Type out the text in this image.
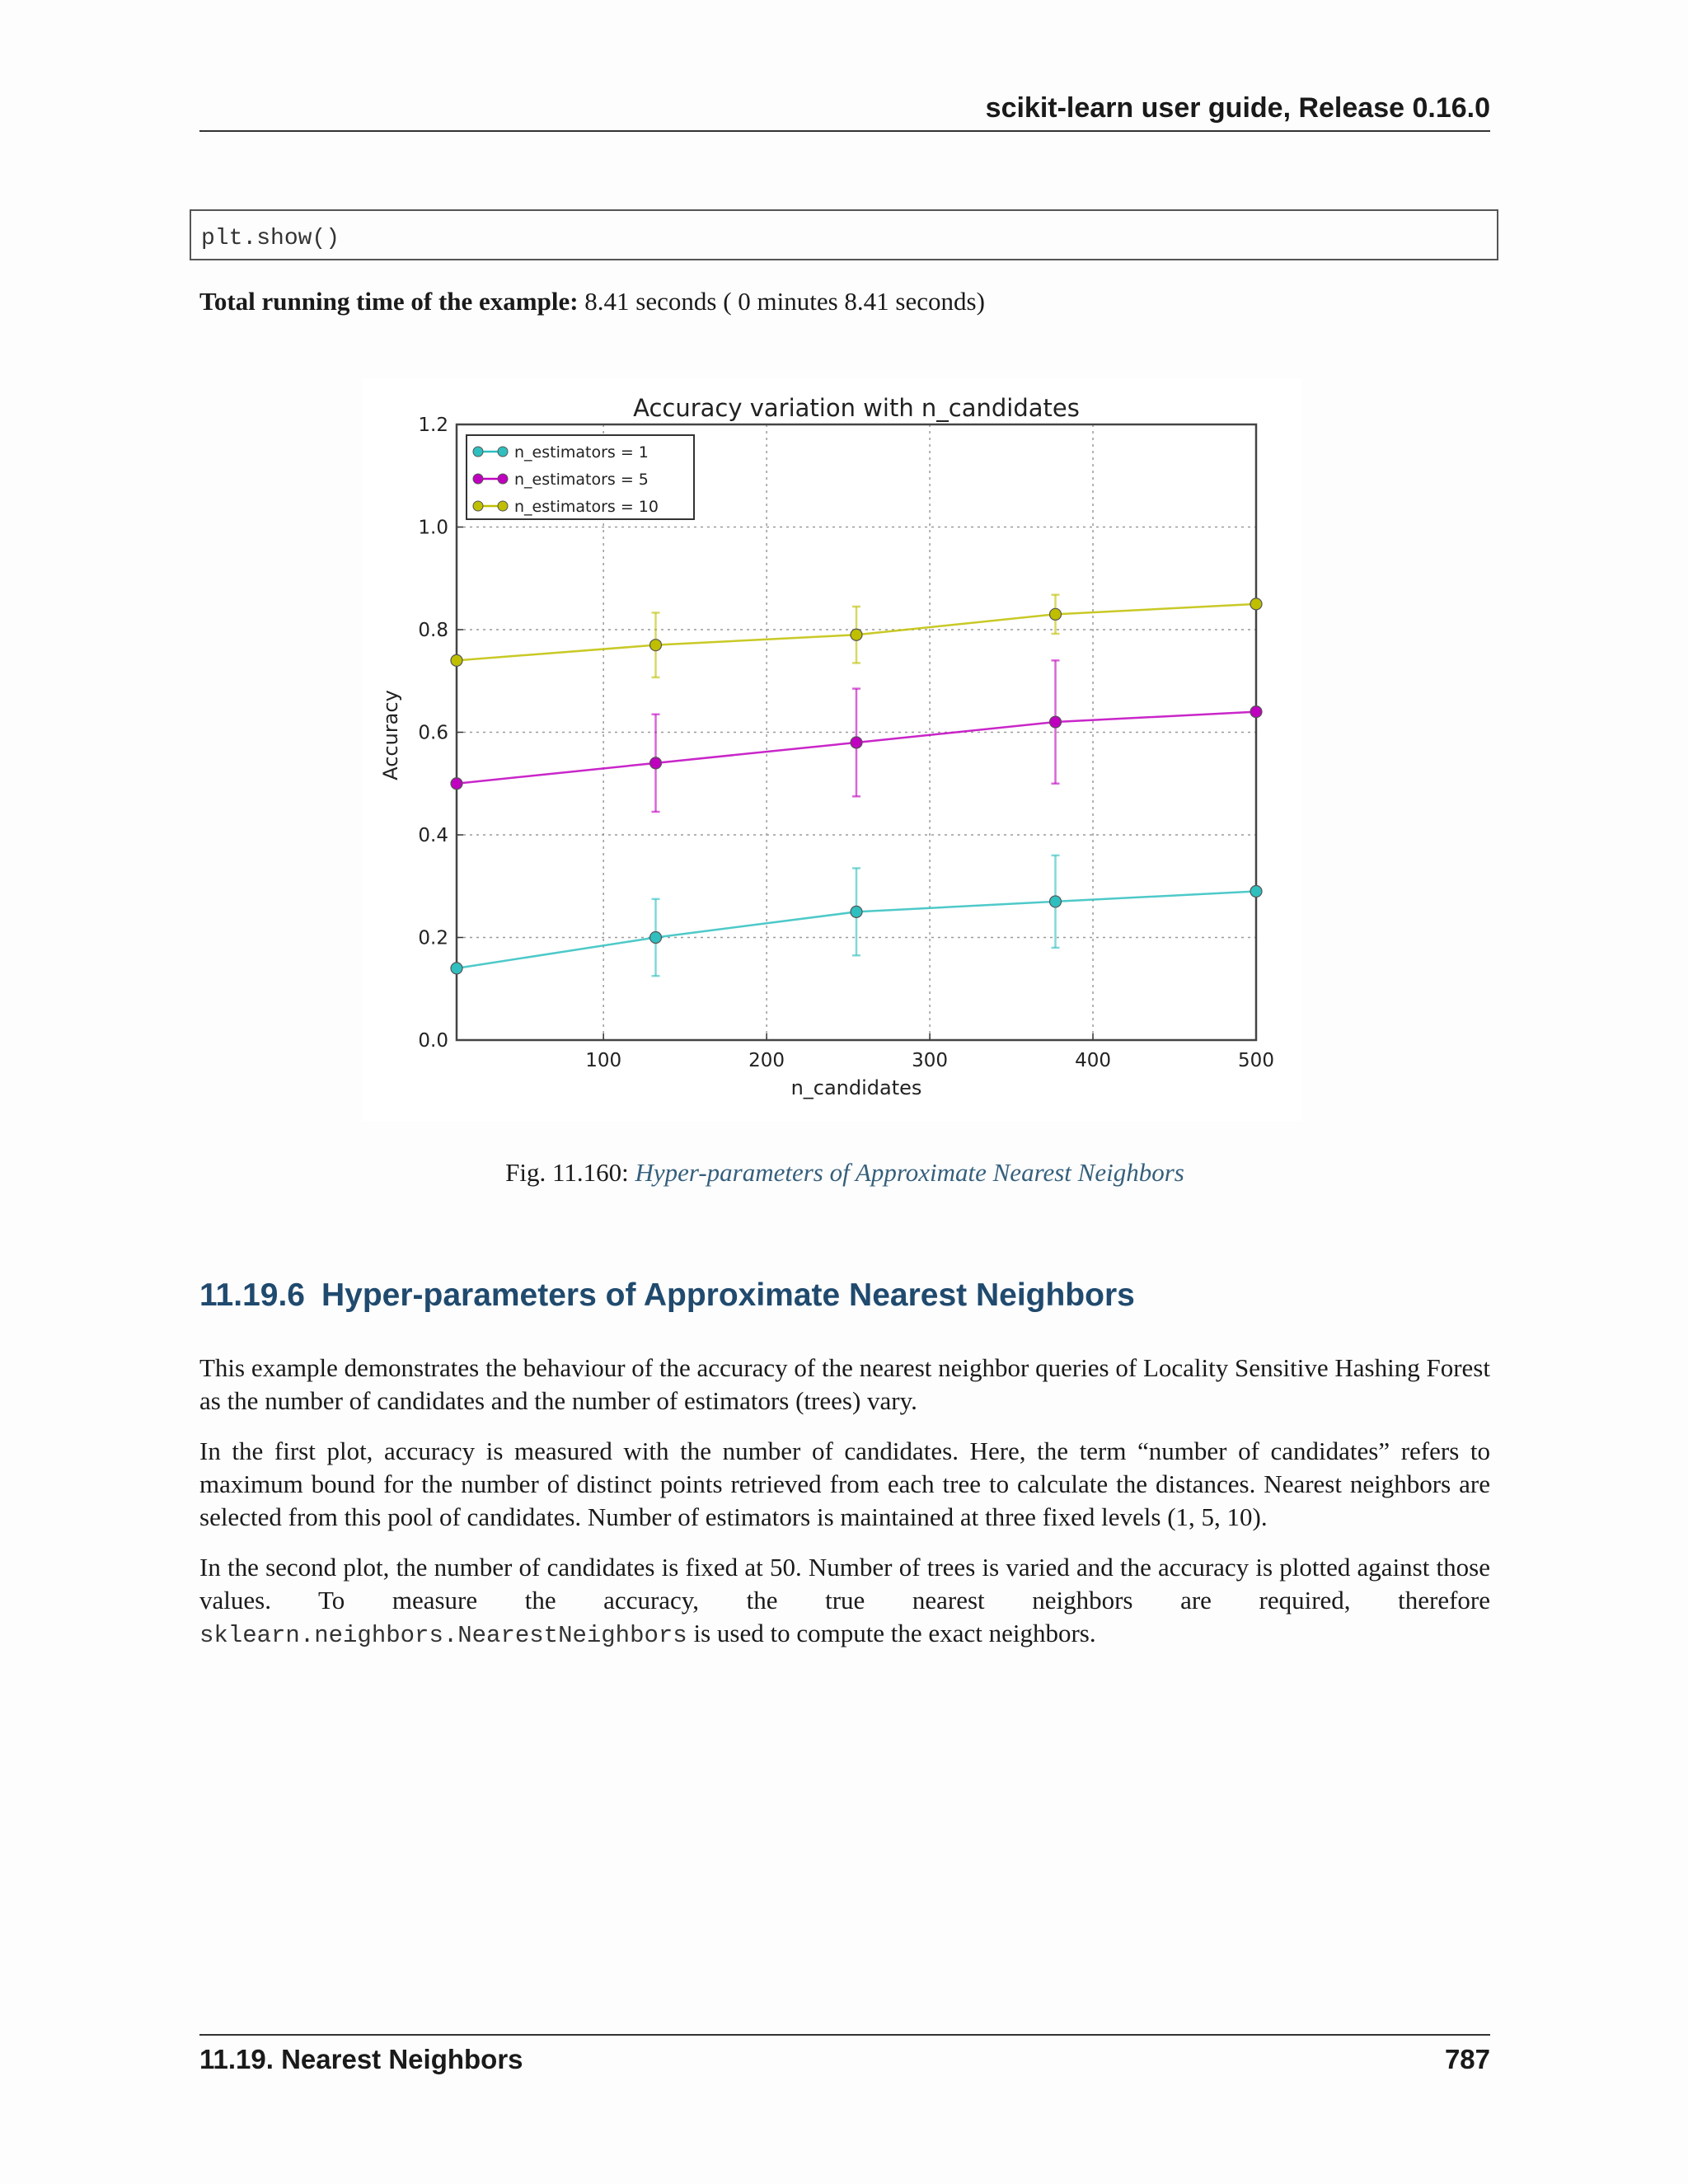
scikit-learn user guide, Release 0.16.0
plt.show()
Total running time of the example: 8.41 seconds ( 0 minutes 8.41 seconds)
100	200	300	400	500
0.0
0.2
0.4
0.6
0.8
1.0
1.2
Accuracy variation with n_candidates
n_candidates
Accuracy
n_estimators = 1
n_estimators = 5
n_estimators = 10
Fig. 11.160: Hyper-parameters of Approximate Nearest Neighbors
11.19.6 Hyper-parameters of Approximate Nearest Neighbors
This example demonstrates the behaviour of the accuracy of the nearest neighbor queries of Locality Sensitive Hashing Forest as the number of candidates and the number of estimators (trees) vary.
In the first plot, accuracy is measured with the number of candidates. Here, the term “number of candidates” refers to maximum bound for the number of distinct points retrieved from each tree to calculate the distances. Nearest neighbors are selected from this pool of candidates. Number of estimators is maintained at three fixed levels (1, 5, 10).
In the second plot, the number of candidates is fixed at 50. Number of trees is varied and the accuracy is plotted against those values. To measure the accuracy, the true nearest neighbors are required, therefore sklearn.neighbors.NearestNeighbors is used to compute the exact neighbors.
11.19. Nearest Neighbors	787
